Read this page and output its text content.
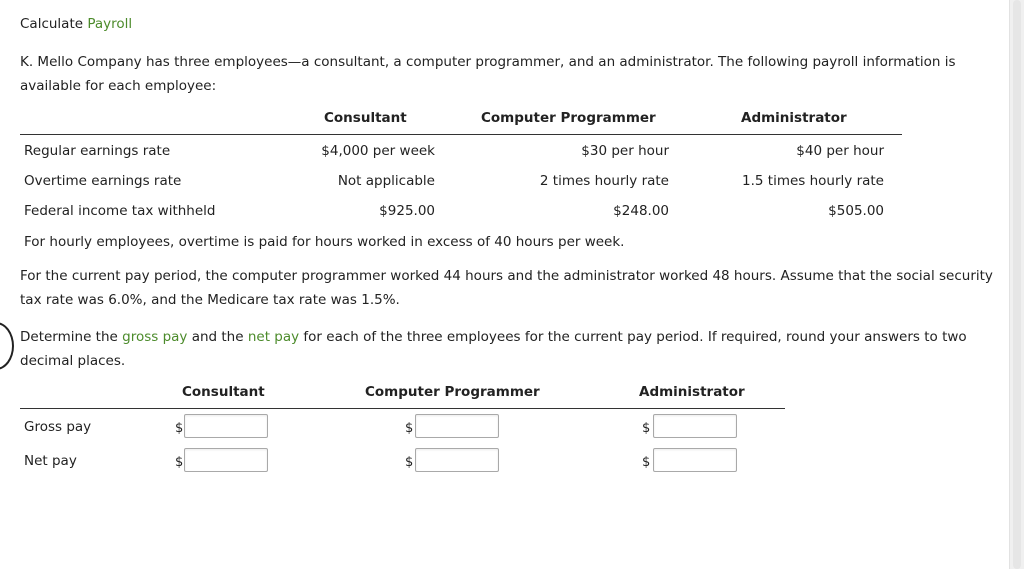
Calculate Payroll
K. Mello Company has three employees—a consultant, a computer programmer, and an administrator. The following payroll information is available for each employee:
Consultant	Computer Programmer	Administrator
Regular earnings rate	$4,000 per week	$30 per hour	$40 per hour
Overtime earnings rate	Not applicable	2 times hourly rate	1.5 times hourly rate
Federal income tax withheld	$925.00	$248.00	$505.00
For hourly employees, overtime is paid for hours worked in excess of 40 hours per week.
For the current pay period, the computer programmer worked 44 hours and the administrator worked 48 hours. Assume that the social security tax rate was 6.0%, and the Medicare tax rate was 1.5%.
Determine the gross pay and the net pay for each of the three employees for the current pay period. If required, round your answers to two decimal places.
Consultant	Computer Programmer	Administrator
Gross pay	$	$	$
Net pay	$	$	$
